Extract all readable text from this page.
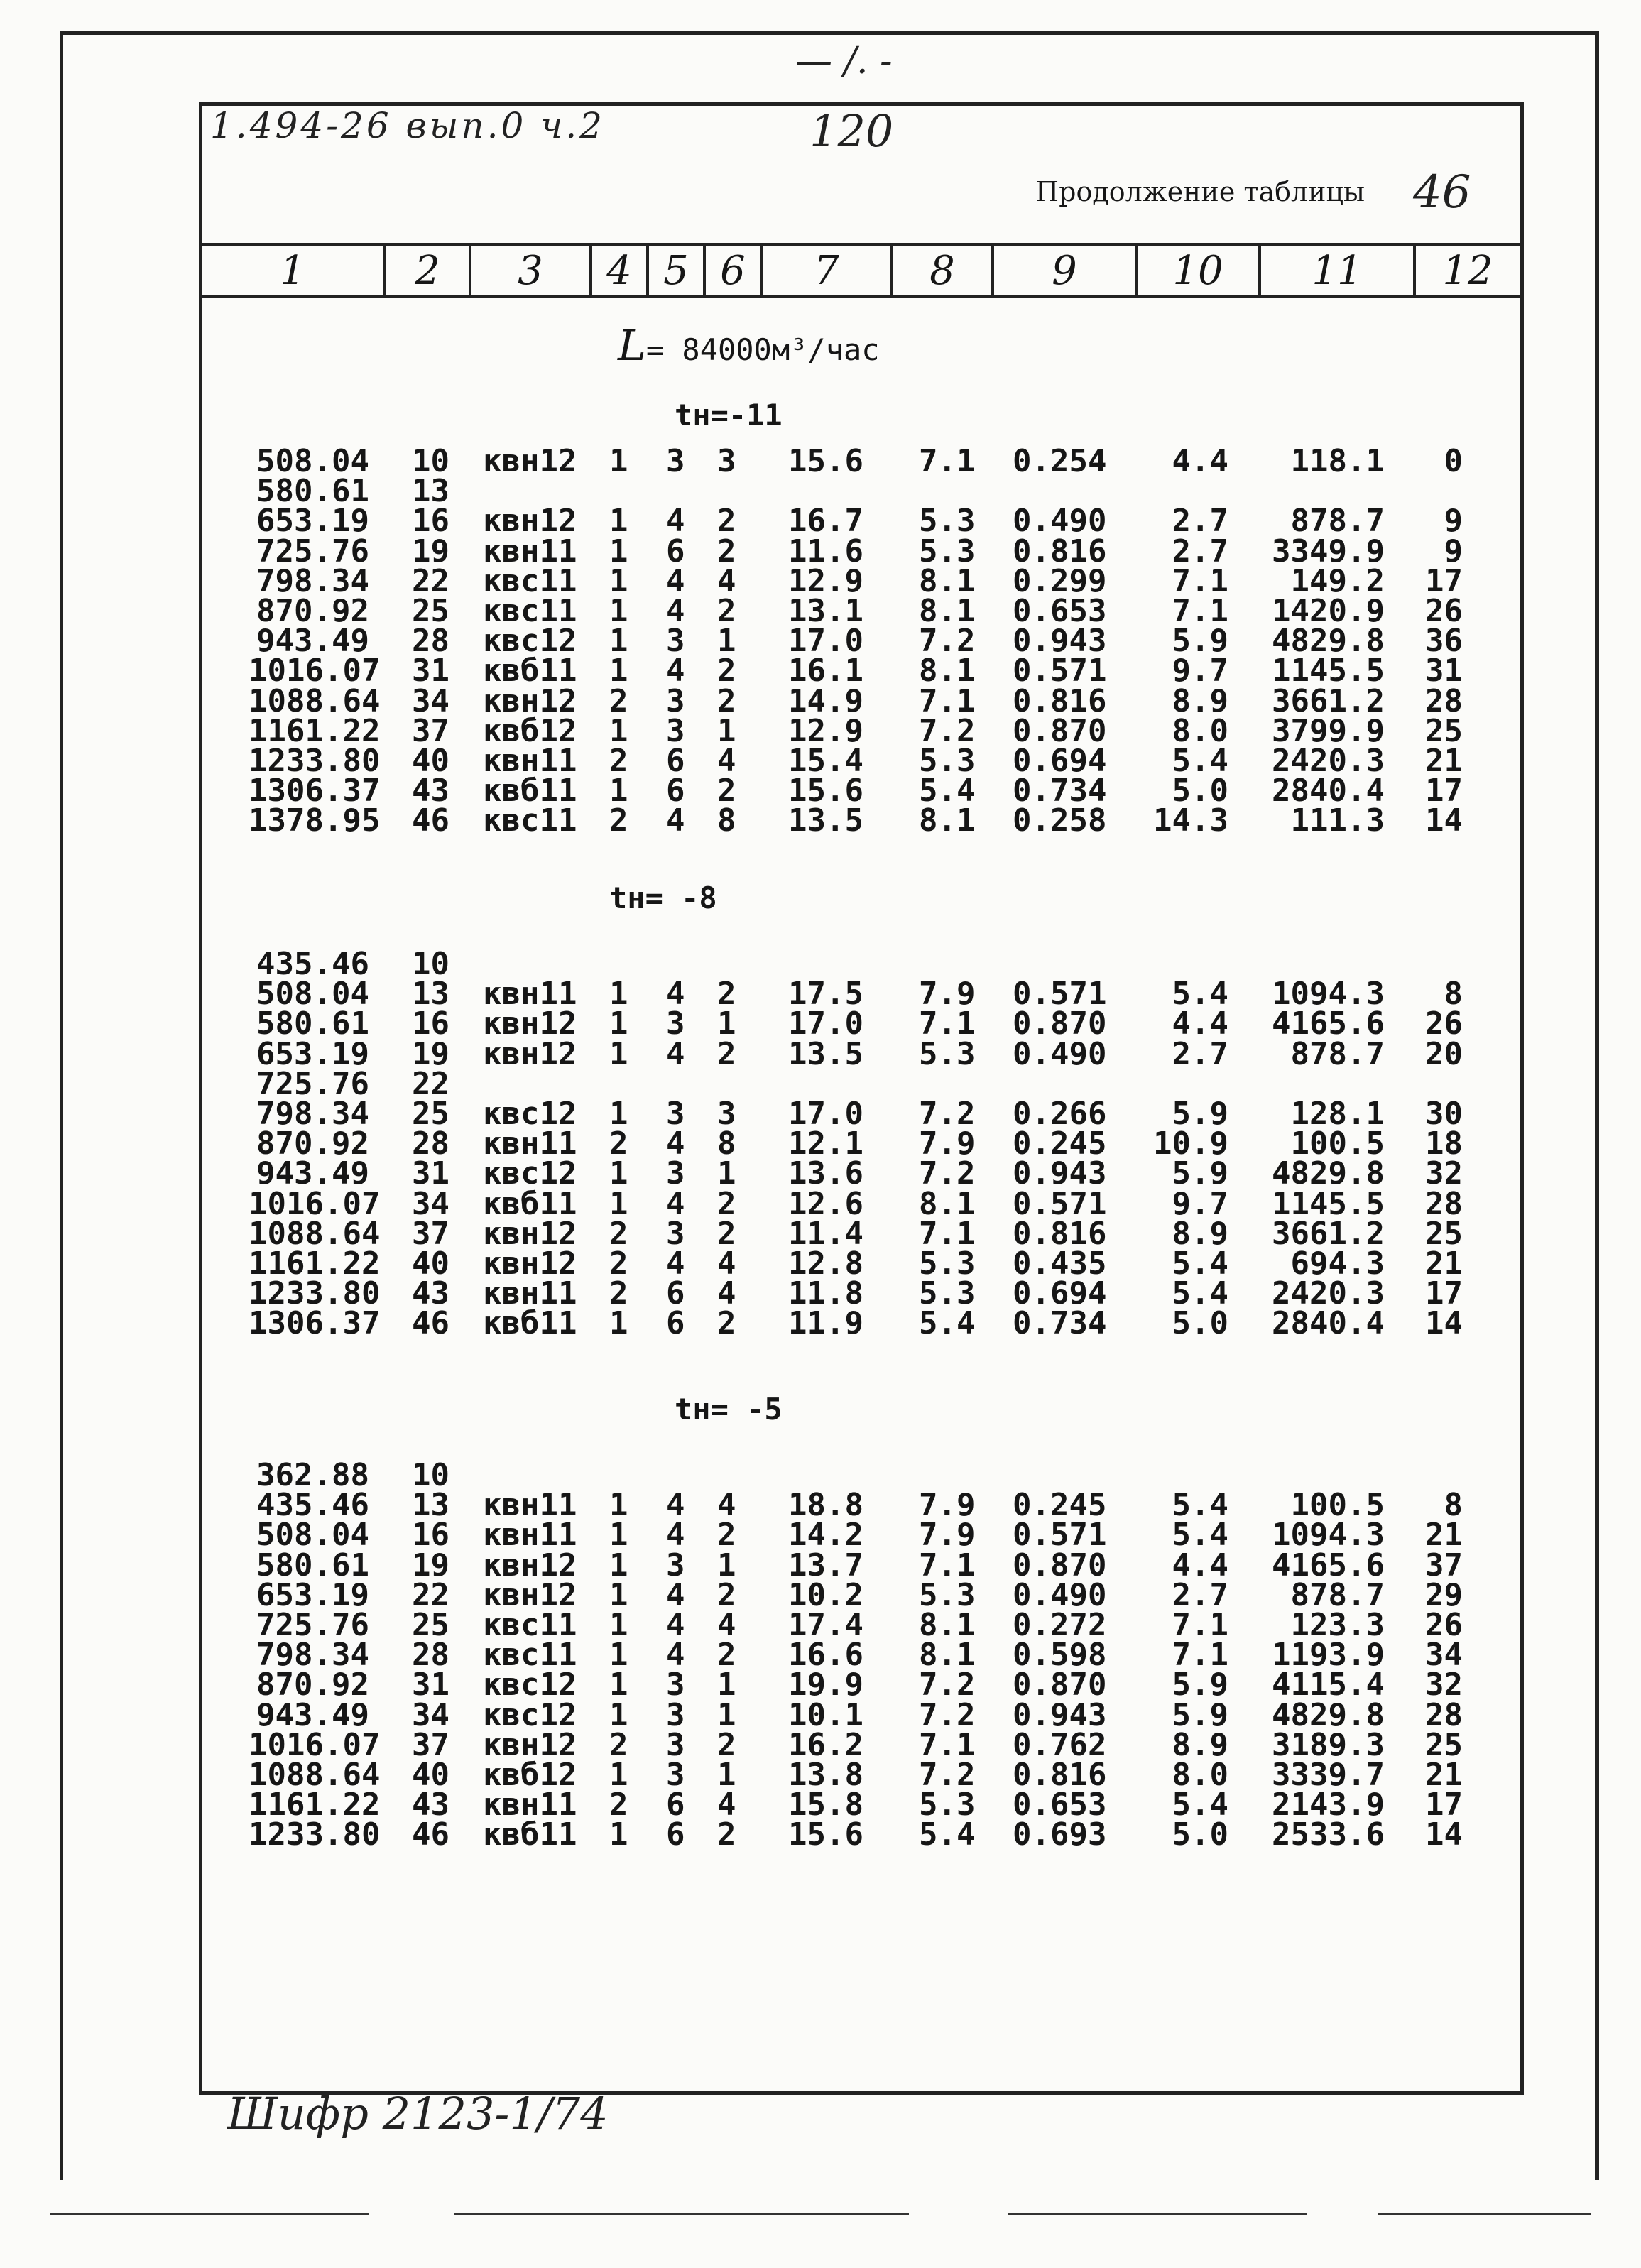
— /. -
1.494-26 вып.0 ч.2	120
Продолжение таблицы 46
1	2	3	4 5 6	7	8	9	10	11	12
L= 84000м³/час
tн=-11
508.04 10	квн12	1	3	3	15.6	7.1	0.254	4.4	118.1	0
580.61 13
653.19 16	квн12	1	4	2	16.7	5.3	0.490	2.7	878.7	9
725.76 19	квн11	1	6	2	11.6	5.3	0.816	2.7	3349.9	9
798.34 22	квс11	1	4	4	12.9	8.1	0.299	7.1	149.2	17
870.92 25	квс11	1	4	2	13.1	8.1	0.653	7.1	1420.9	26
943.49 28	квс12	1	3	1	17.0	7.2	0.943	5.9	4829.8	36
1016.07 31	квб11	1	4	2	16.1	8.1	0.571	9.7	1145.5	31
1088.64 34	квн12	2	3	2	14.9	7.1	0.816	8.9	3661.2	28
1161.22 37	квб12	1	3	1	12.9	7.2	0.870	8.0	3799.9	25
1233.80 40	квн11	2	6	4	15.4	5.3	0.694	5.4	2420.3	21
1306.37 43	квб11	1	6	2	15.6	5.4	0.734	5.0	2840.4	17
1378.95 46	квс11	2	4	8	13.5	8.1	0.258	14.3	111.3	14
tн= -8
435.46 10
508.04 13	квн11	1	4	2	17.5	7.9	0.571	5.4	1094.3	8
580.61 16	квн12	1	3	1	17.0	7.1	0.870	4.4	4165.6	26
653.19 19	квн12	1	4	2	13.5	5.3	0.490	2.7	878.7	20
725.76 22
798.34 25	квс12	1	3	3	17.0	7.2	0.266	5.9	128.1	30
870.92 28	квн11	2	4	8	12.1	7.9	0.245	10.9	100.5	18
943.49 31	квс12	1	3	1	13.6	7.2	0.943	5.9	4829.8	32
1016.07 34	квб11	1	4	2	12.6	8.1	0.571	9.7	1145.5	28
1088.64 37	квн12	2	3	2	11.4	7.1	0.816	8.9	3661.2	25
1161.22 40	квн12	2	4	4	12.8	5.3	0.435	5.4	694.3	21
1233.80 43	квн11	2	6	4	11.8	5.3	0.694	5.4	2420.3	17
1306.37 46	квб11	1	6	2	11.9	5.4	0.734	5.0	2840.4	14
tн= -5
362.88 10
435.46 13	квн11	1	4	4	18.8	7.9	0.245	5.4	100.5	8
508.04 16	квн11	1	4	2	14.2	7.9	0.571	5.4	1094.3	21
580.61 19	квн12	1	3	1	13.7	7.1	0.870	4.4	4165.6	37
653.19 22	квн12	1	4	2	10.2	5.3	0.490	2.7	878.7	29
725.76 25	квс11	1	4	4	17.4	8.1	0.272	7.1	123.3	26
798.34 28	квс11	1	4	2	16.6	8.1	0.598	7.1	1193.9	34
870.92 31	квс12	1	3	1	19.9	7.2	0.870	5.9	4115.4	32
943.49 34	квс12	1	3	1	10.1	7.2	0.943	5.9	4829.8	28
1016.07 37	квн12	2	3	2	16.2	7.1	0.762	8.9	3189.3	25
1088.64 40	квб12	1	3	1	13.8	7.2	0.816	8.0	3339.7	21
1161.22 43	квн11	2	6	4	15.8	5.3	0.653	5.4	2143.9	17
1233.80 46	квб11	1	6	2	15.6	5.4	0.693	5.0	2533.6	14
Шифр 2123-1/74
